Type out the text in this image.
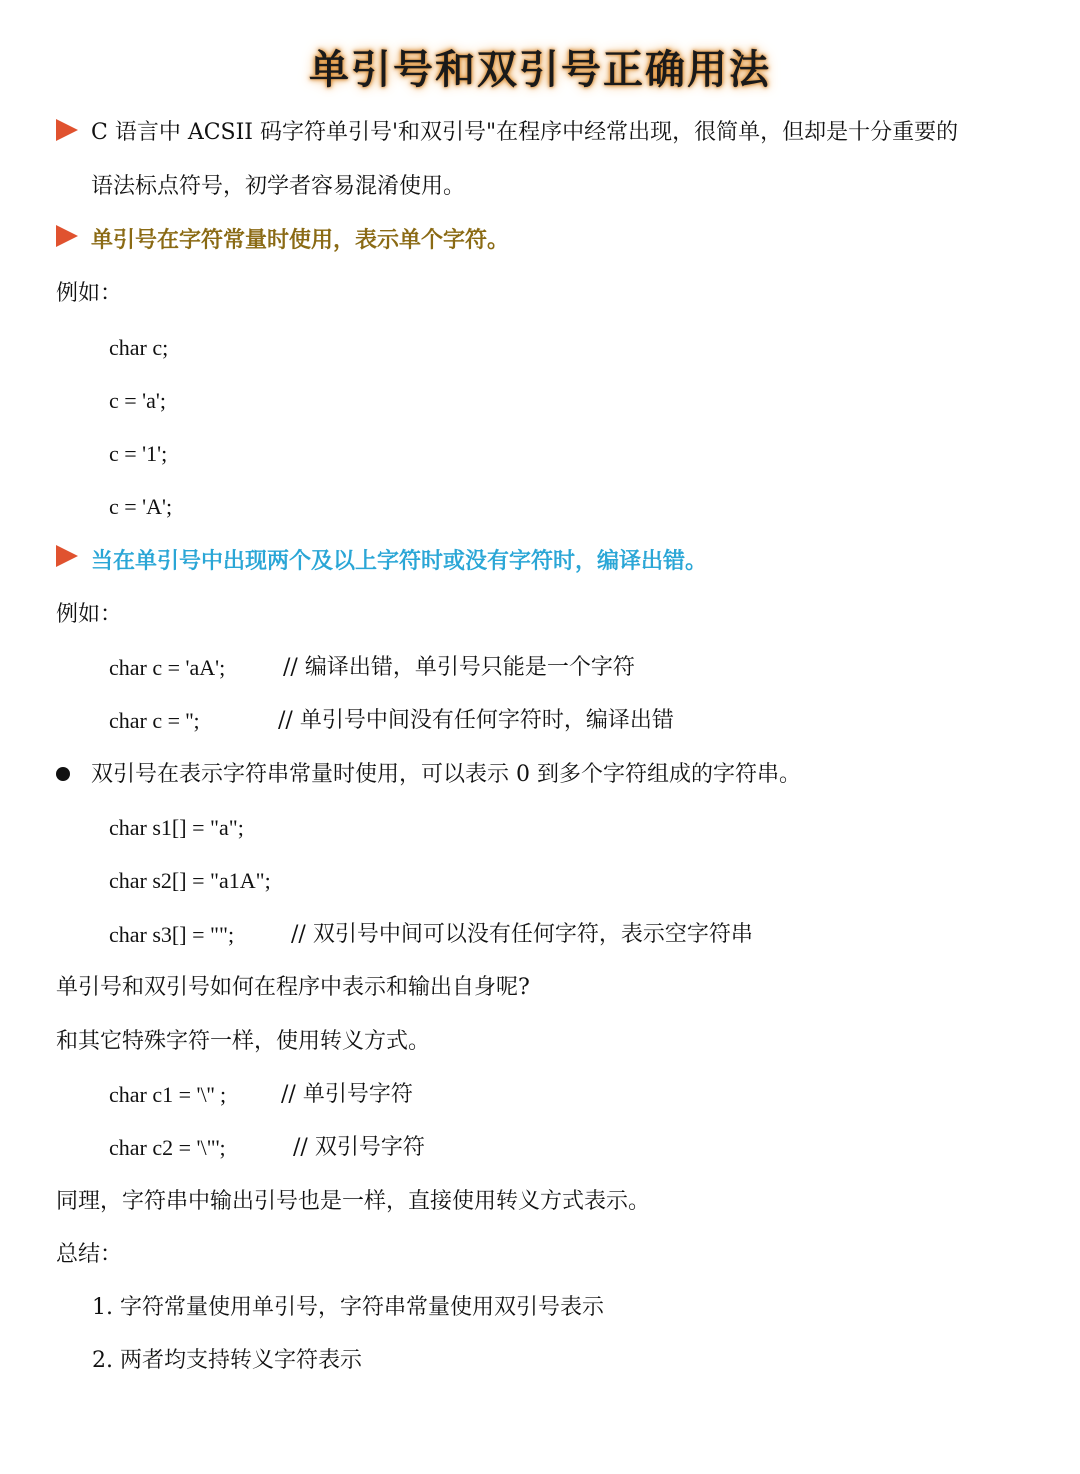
单引号和双引号正确用法
C 语言中 ACSII 码字符单引号'和双引号"在程序中经常出现，很简单，但却是十分重要的
语法标点符号，初学者容易混淆使用。
单引号在字符常量时使用，表示单个字符。
例如：
char c;
c = 'a';
c = '1';
c = 'A';
当在单引号中出现两个及以上字符时或没有字符时，编译出错。
例如：
char c = 'aA';	// 编译出错，单引号只能是一个字符
char c = '';	// 单引号中间没有任何字符时，编译出错
双引号在表示字符串常量时使用，可以表示 0 到多个字符组成的字符串。
char s1[] = "a";
char s2[] = "a1A";
char s3[] = "";	// 双引号中间可以没有任何字符，表示空字符串
单引号和双引号如何在程序中表示和输出自身呢?
和其它特殊字符一样，使用转义方式。
char c1 = '\'' ; // 单引号字符
char c2 = '\"';	// 双引号字符
同理，字符串中输出引号也是一样，直接使用转义方式表示。
总结：
1. 字符常量使用单引号，字符串常量使用双引号表示
2. 两者均支持转义字符表示
